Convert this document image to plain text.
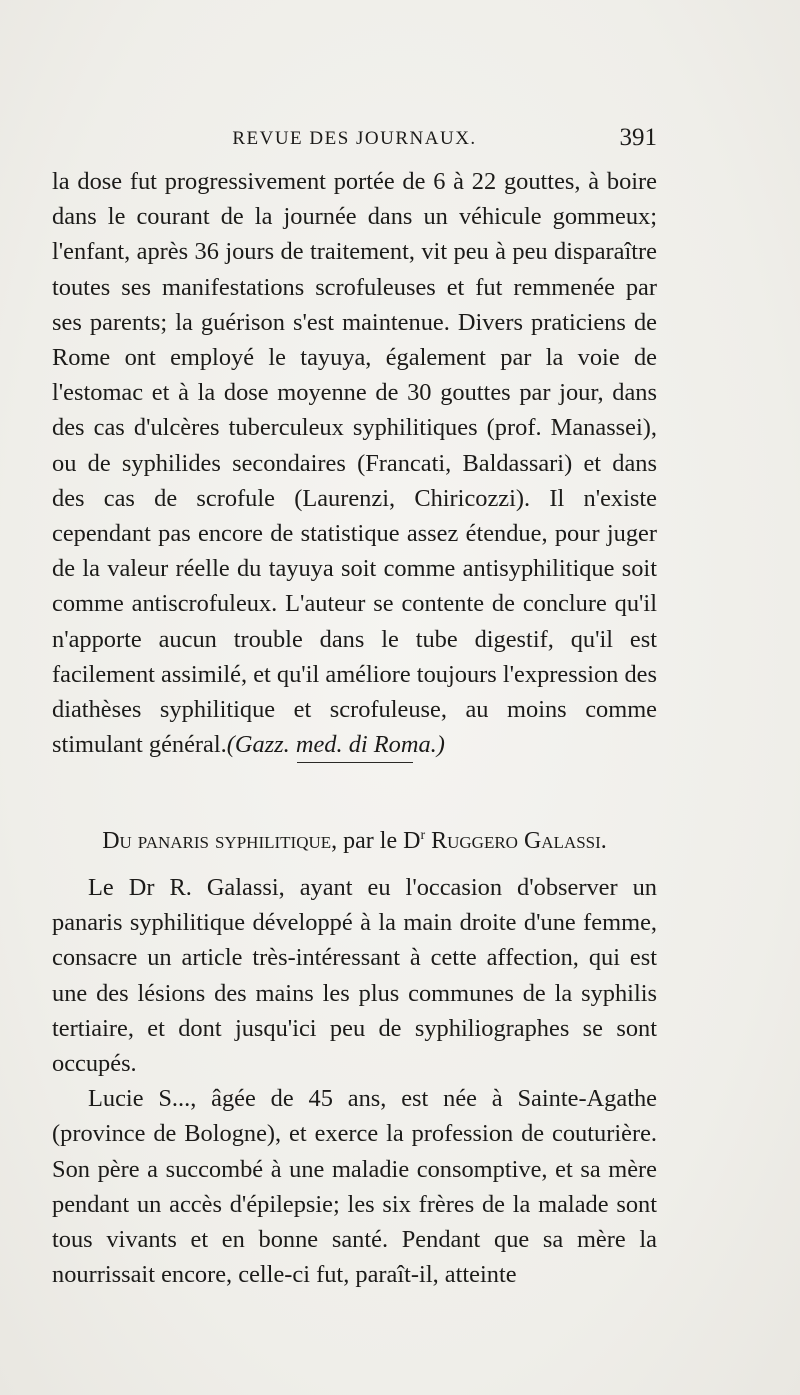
REVUE DES JOURNAUX.	391

la dose fut progressivement portée de 6 à 22 gouttes, à boire dans le courant de la journée dans un véhicule gommeux; l'enfant, après 36 jours de traitement, vit peu à peu disparaître toutes ses manifestations scrofuleuses et fut remmenée par ses parents; la guérison s'est maintenue. Divers praticiens de Rome ont employé le tayuya, également par la voie de l'estomac et à la dose moyenne de 30 gouttes par jour, dans des cas d'ulcères tuberculeux syphilitiques (prof. Manassei), ou de syphilides secondaires (Francati, Baldassari) et dans des cas de scrofule (Laurenzi, Chiricozzi). Il n'existe cependant pas encore de statistique assez étendue, pour juger de la valeur réelle du tayuya soit comme antisyphilitique soit comme antiscrofuleux. L'auteur se contente de conclure qu'il n'apporte aucun trouble dans le tube digestif, qu'il est facilement assimilé, et qu'il améliore toujours l'expression des diathèses syphilitique et scrofuleuse, au moins comme stimulant général.(Gazz. med. di Roma.)

Du panaris syphilitique, par le $D^r$ Ruggero Galassi.

Le Dr R. Galassi, ayant eu l'occasion d'observer un panaris syphilitique développé à la main droite d'une femme, consacre un article très-intéressant à cette affection, qui est une des lésions des mains les plus communes de la syphilis tertiaire, et dont jusqu'ici peu de syphiliographes se sont occupés.

Lucie S..., âgée de 45 ans, est née à Sainte-Agathe (province de Bologne), et exerce la profession de couturière. Son père a succombé à une maladie consomptive, et sa mère pendant un accès d'épilepsie; les six frères de la malade sont tous vivants et en bonne santé. Pendant que sa mère la nourrissait encore, celle-ci fut, paraît-il, atteinte
